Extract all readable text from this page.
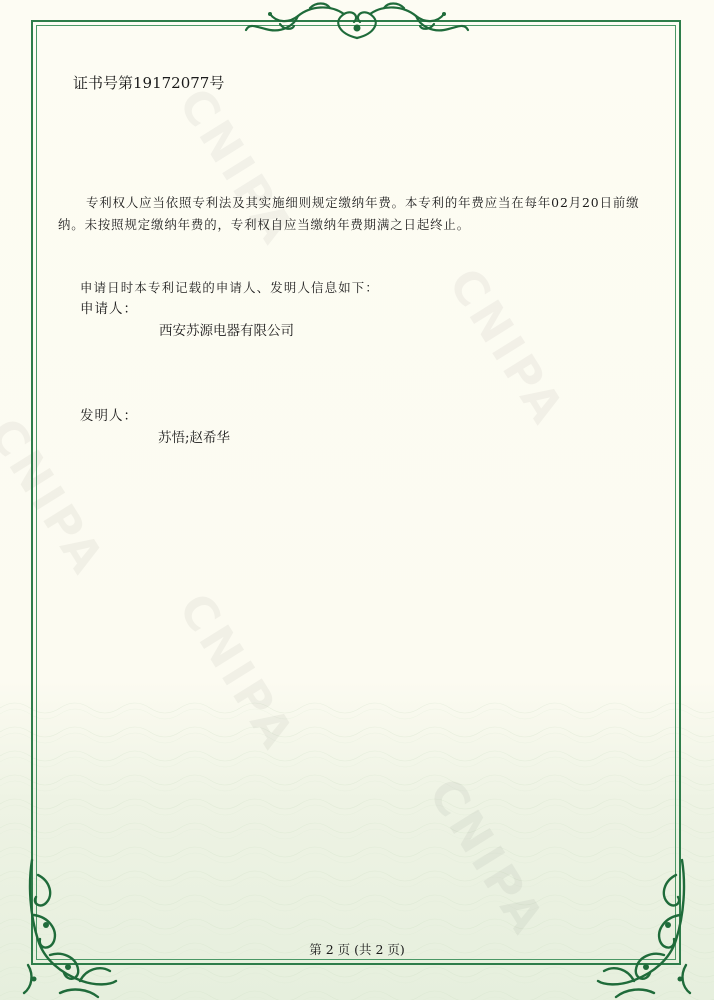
证书号第19172077号
专利权人应当依照专利法及其实施细则规定缴纳年费。本专利的年费应当在每年02月20日前缴
纳。未按照规定缴纳年费的，专利权自应当缴纳年费期满之日起终止。
申请日时本专利记载的申请人、发明人信息如下：
申请人：
西安苏源电器有限公司
发明人：
苏悟;赵希华
第 2 页 (共 2 页)
